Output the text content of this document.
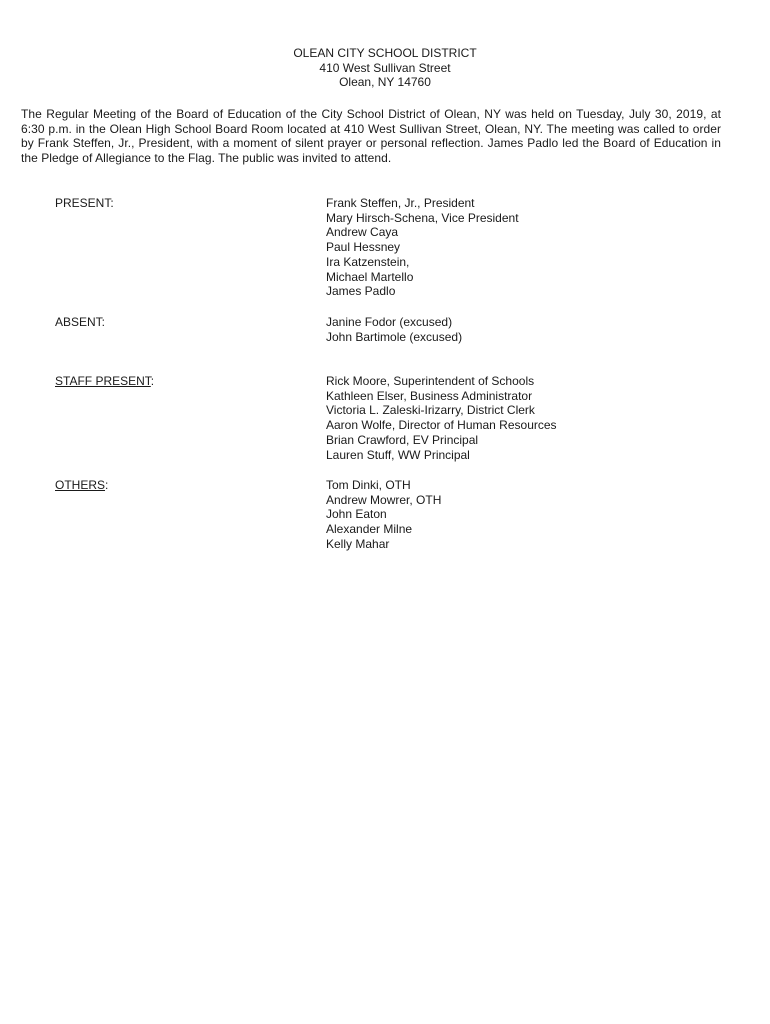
OLEAN CITY SCHOOL DISTRICT
410 West Sullivan Street
Olean, NY 14760
The Regular Meeting of the Board of Education of the City School District of Olean, NY was held on Tuesday, July 30, 2019, at 6:30 p.m. in the Olean High School Board Room located at 410 West Sullivan Street, Olean, NY. The meeting was called to order by Frank Steffen, Jr., President, with a moment of silent prayer or personal reflection. James Padlo led the Board of Education in the Pledge of Allegiance to the Flag. The public was invited to attend.
PRESENT:	Frank Steffen, Jr., President
Mary Hirsch-Schena, Vice President
Andrew Caya
Paul Hessney
Ira Katzenstein,
Michael Martello
James Padlo
ABSENT:	Janine Fodor (excused)
John Bartimole (excused)
STAFF PRESENT:	Rick Moore, Superintendent of Schools
Kathleen Elser, Business Administrator
Victoria L. Zaleski-Irizarry, District Clerk
Aaron Wolfe, Director of Human Resources
Brian Crawford, EV Principal
Lauren Stuff, WW Principal
OTHERS:	Tom Dinki, OTH
Andrew Mowrer, OTH
John Eaton
Alexander Milne
Kelly Mahar
